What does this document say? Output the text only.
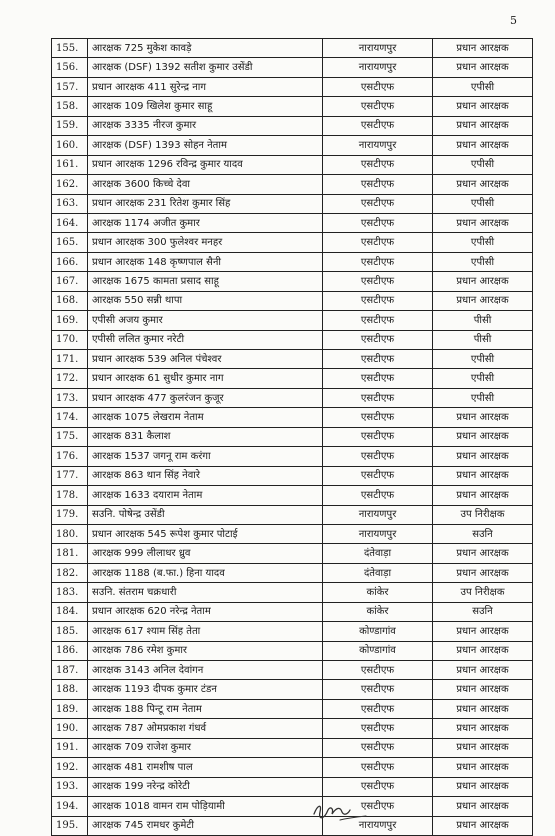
5
155.	आरक्षक 725 मुकेश कावड़े	नारायणपुर	प्रधान आरक्षक
156.	आरक्षक (DSF) 1392 सतीश कुमार उसेंडी	नारायणपुर	प्रधान आरक्षक
157.	प्रधान आरक्षक 411 सुरेन्द्र नाग	एसटीएफ	एपीसी
158.	आरक्षक 109 खिलेश कुमार साहू	एसटीएफ	प्रधान आरक्षक
159.	आरक्षक 3335 नीरज कुमार	एसटीएफ	प्रधान आरक्षक
160.	आरक्षक (DSF) 1393 सोहन नेताम	नारायणपुर	प्रधान आरक्षक
161.	प्रधान आरक्षक 1296 रविन्द्र कुमार यादव	एसटीएफ	एपीसी
162.	आरक्षक 3600 किच्चे देवा	एसटीएफ	प्रधान आरक्षक
163.	प्रधान आरक्षक 231 रितेश कुमार सिंह	एसटीएफ	एपीसी
164.	आरक्षक 1174 अजीत कुमार	एसटीएफ	प्रधान आरक्षक
165.	प्रधान आरक्षक 300 फुलेश्वर मनहर	एसटीएफ	एपीसी
166.	प्रधान आरक्षक 148 कृष्णपाल सैनी	एसटीएफ	एपीसी
167.	आरक्षक 1675 कामता प्रसाद साहू	एसटीएफ	प्रधान आरक्षक
168.	आरक्षक 550 सन्नी थापा	एसटीएफ	प्रधान आरक्षक
169.	एपीसी अजय कुमार	एसटीएफ	पीसी
170.	एपीसी ललित कुमार नरेटी	एसटीएफ	पीसी
171.	प्रधान आरक्षक 539 अनिल पंचेश्वर	एसटीएफ	एपीसी
172.	प्रधान आरक्षक 61 सुधीर कुमार नाग	एसटीएफ	एपीसी
173.	प्रधान आरक्षक 477 कुलरंजन कुजूर	एसटीएफ	एपीसी
174.	आरक्षक 1075 लेखराम नेताम	एसटीएफ	प्रधान आरक्षक
175.	आरक्षक 831 कैलाश	एसटीएफ	प्रधान आरक्षक
176.	आरक्षक 1537 जगनू राम करंगा	एसटीएफ	प्रधान आरक्षक
177.	आरक्षक 863 थान सिंह नेवारे	एसटीएफ	प्रधान आरक्षक
178.	आरक्षक 1633 दयाराम नेताम	एसटीएफ	प्रधान आरक्षक
179.	सउनि. पोषेन्द्र उसेंडी	नारायणपुर	उप निरीक्षक
180.	प्रधान आरक्षक 545 रूपेश कुमार पोटाई	नारायणपुर	सउनि
181.	आरक्षक 999 लीलाधर ध्रुव	दंतेवाड़ा	प्रधान आरक्षक
182.	आरक्षक 1188 (ब.फा.) हिना यादव	दंतेवाड़ा	प्रधान आरक्षक
183.	सउनि. संतराम चक्रधारी	कांकेर	उप निरीक्षक
184.	प्रधान आरक्षक 620 नरेन्द्र नेताम	कांकेर	सउनि
185.	आरक्षक 617 श्याम सिंह तेता	कोण्डागांव	प्रधान आरक्षक
186.	आरक्षक 786 रमेश कुमार	कोण्डागांव	प्रधान आरक्षक
187.	आरक्षक 3143 अनिल देवांगन	एसटीएफ	प्रधान आरक्षक
188.	आरक्षक 1193 दीपक कुमार टंडन	एसटीएफ	प्रधान आरक्षक
189.	आरक्षक 188 पिन्टू राम नेताम	एसटीएफ	प्रधान आरक्षक
190.	आरक्षक 787 ओमप्रकाश गंधर्व	एसटीएफ	प्रधान आरक्षक
191.	आरक्षक 709 राजेश कुमार	एसटीएफ	प्रधान आरक्षक
192.	आरक्षक 481 रामशीष पाल	एसटीएफ	प्रधान आरक्षक
193.	आरक्षक 199 नरेन्द्र कोरेटी	एसटीएफ	प्रधान आरक्षक
194.	आरक्षक 1018 वामन राम पोड़ियामी	एसटीएफ	प्रधान आरक्षक
195.	आरक्षक 745 रामधर कुमेटी	नारायणपुर	प्रधान आरक्षक
